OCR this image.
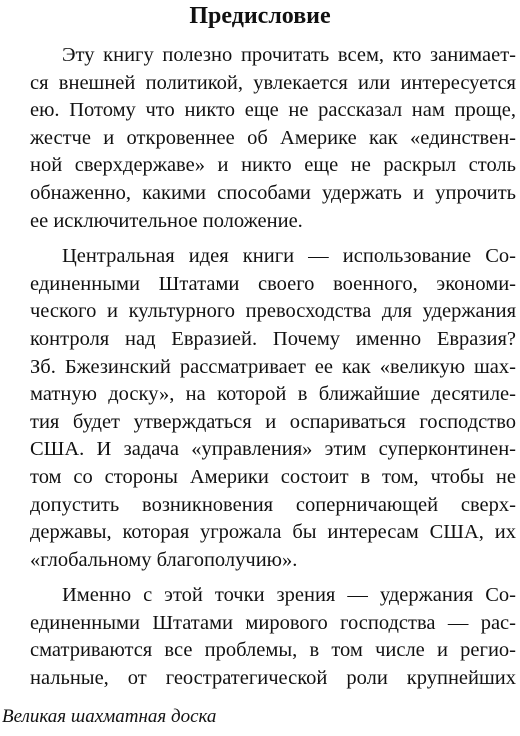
Предисловие

Эту книгу полезно прочитать всем, кто занимает-
ся внешней политикой, увлекается или интересуется
ею. Потому что никто еще не рассказал нам проще,
жестче и откровеннее об Америке как «единствен-
ной сверхдержаве» и никто еще не раскрыл столь
обнаженно, какими способами удержать и упрочить
ее исключительное положение.

Центральная идея книги — использование Со-
единенными Штатами своего военного, экономи-
ческого и культурного превосходства для удержания
контроля над Евразией. Почему именно Евразия?
Зб. Бжезинский рассматривает ее как «великую шах-
матную доску», на которой в ближайшие десятиле-
тия будет утверждаться и оспариваться господство
США. И задача «управления» этим суперконтинен-
том со стороны Америки состоит в том, чтобы не
допустить возникновения соперничающей сверх-
державы, которая угрожала бы интересам США, их
«глобальному благополучию».

Именно с этой точки зрения — удержания Со-
единенными Штатами мирового господства — рас-
сматриваются все проблемы, в том числе и регио-
нальные, от геостратегической роли крупнейших

Великая шахматная доска
